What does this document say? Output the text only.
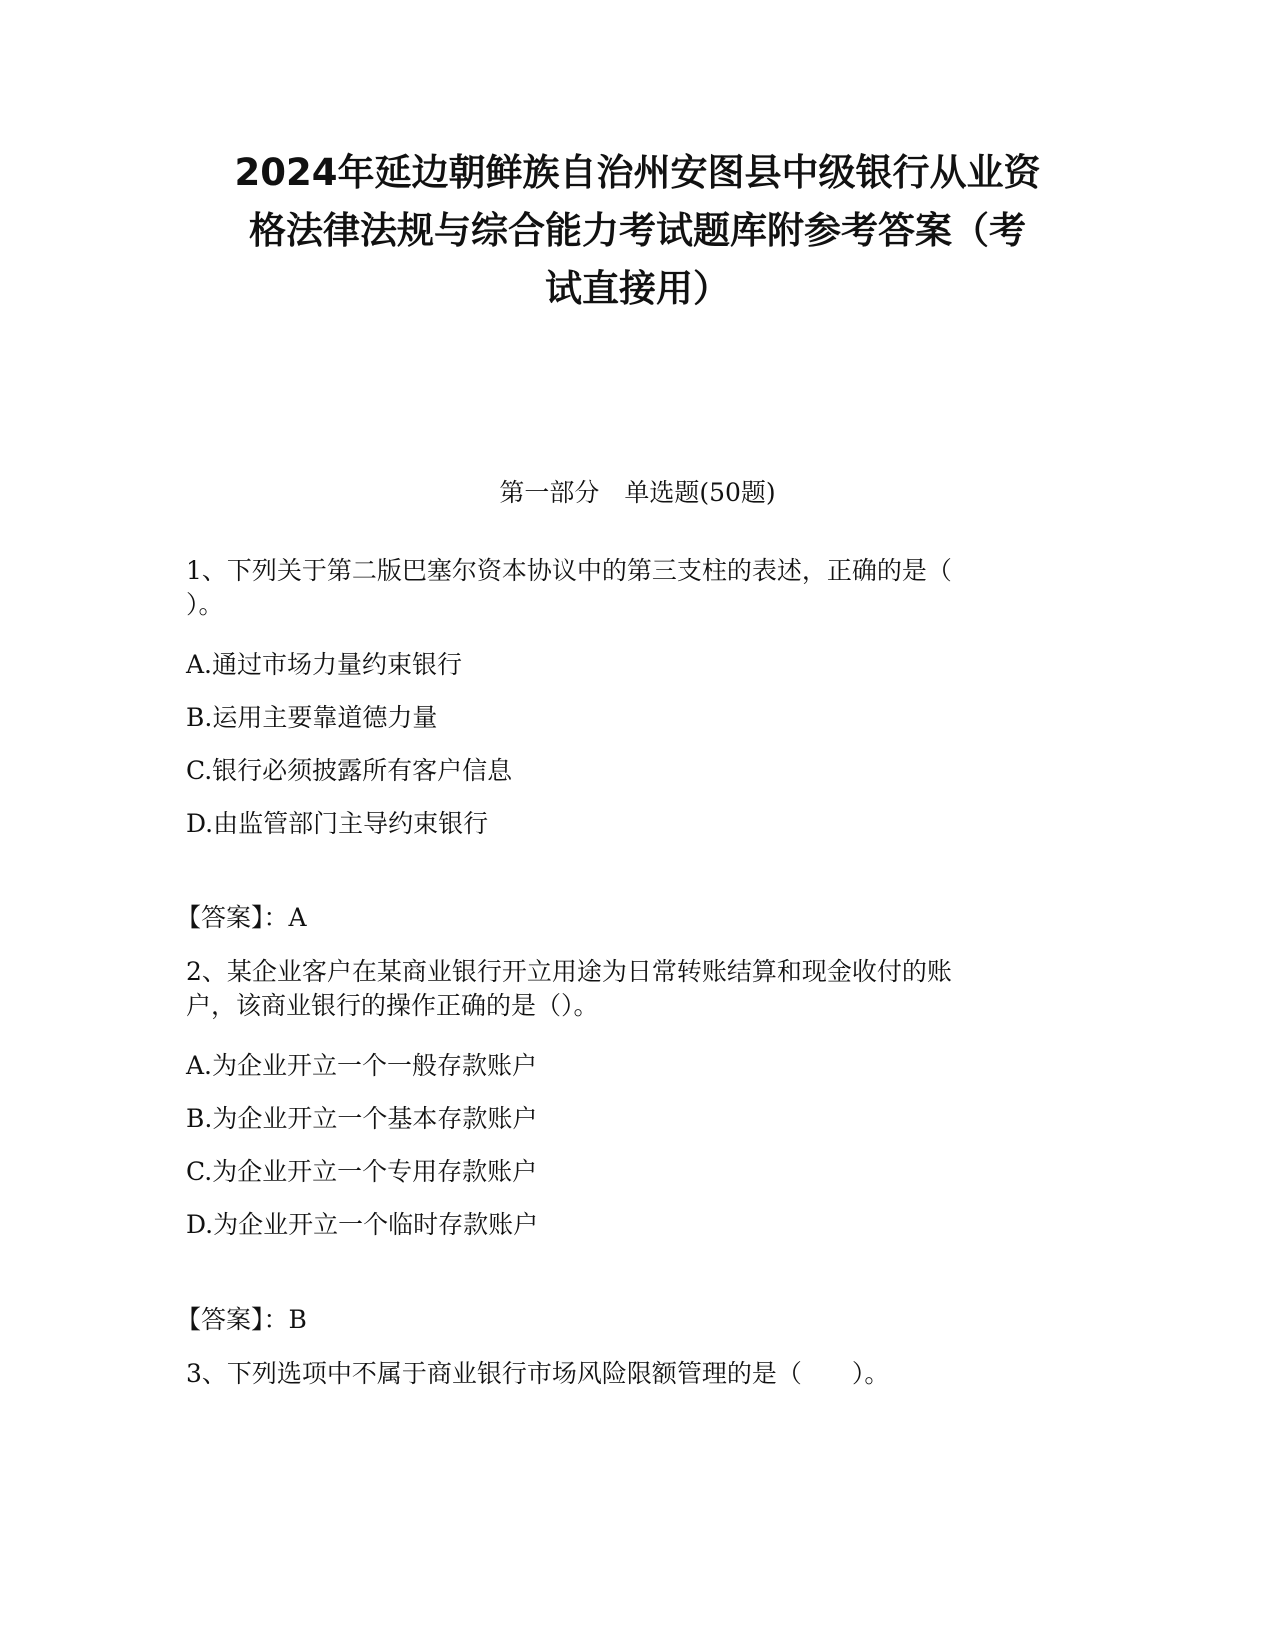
2024年延边朝鲜族自治州安图县中级银行从业资
格法律法规与综合能力考试题库附参考答案（考
试直接用）
第一部分　单选题(50题)
1、下列关于第二版巴塞尔资本协议中的第三支柱的表述，正确的是（
）。
A.通过市场力量约束银行
B.运用主要靠道德力量
C.银行必须披露所有客户信息
D.由监管部门主导约束银行
【答案】：A
2、某企业客户在某商业银行开立用途为日常转账结算和现金收付的账
户，该商业银行的操作正确的是（）。
A.为企业开立一个一般存款账户
B.为企业开立一个基本存款账户
C.为企业开立一个专用存款账户
D.为企业开立一个临时存款账户
【答案】：B
3、下列选项中不属于商业银行市场风险限额管理的是（　　）。
